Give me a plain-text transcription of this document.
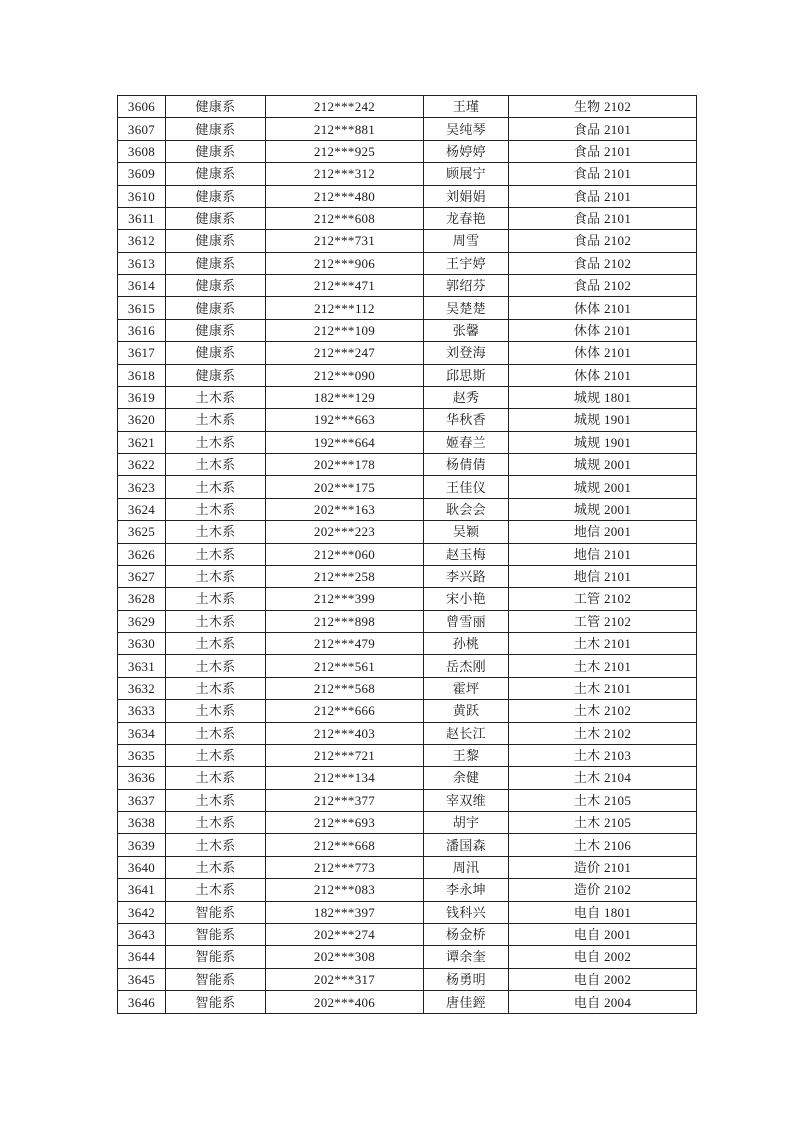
3606	健康系	212***242	王瑾	生物 2102
3607	健康系	212***881	吴纯琴	食品 2101
3608	健康系	212***925	杨婷婷	食品 2101
3609	健康系	212***312	顾展宁	食品 2101
3610	健康系	212***480	刘娟娟	食品 2101
3611	健康系	212***608	龙春艳	食品 2101
3612	健康系	212***731	周雪	食品 2102
3613	健康系	212***906	王宇婷	食品 2102
3614	健康系	212***471	郭绍芬	食品 2102
3615	健康系	212***112	吴楚楚	休体 2101
3616	健康系	212***109	张馨	休体 2101
3617	健康系	212***247	刘登海	休体 2101
3618	健康系	212***090	邱思斯	休体 2101
3619	土木系	182***129	赵秀	城规 1801
3620	土木系	192***663	华秋香	城规 1901
3621	土木系	192***664	姬春兰	城规 1901
3622	土木系	202***178	杨倩倩	城规 2001
3623	土木系	202***175	王佳仪	城规 2001
3624	土木系	202***163	耿会会	城规 2001
3625	土木系	202***223	吴颖	地信 2001
3626	土木系	212***060	赵玉梅	地信 2101
3627	土木系	212***258	李兴路	地信 2101
3628	土木系	212***399	宋小艳	工管 2102
3629	土木系	212***898	曾雪丽	工管 2102
3630	土木系	212***479	孙桃	土木 2101
3631	土木系	212***561	岳杰刚	土木 2101
3632	土木系	212***568	霍坪	土木 2101
3633	土木系	212***666	黄跃	土木 2102
3634	土木系	212***403	赵长江	土木 2102
3635	土木系	212***721	王黎	土木 2103
3636	土木系	212***134	余健	土木 2104
3637	土木系	212***377	宰双维	土木 2105
3638	土木系	212***693	胡宇	土木 2105
3639	土木系	212***668	潘国森	土木 2106
3640	土木系	212***773	周汛	造价 2101
3641	土木系	212***083	李永坤	造价 2102
3642	智能系	182***397	钱科兴	电自 1801
3643	智能系	202***274	杨金桥	电自 2001
3644	智能系	202***308	谭余奎	电自 2002
3645	智能系	202***317	杨勇明	电自 2002
3646	智能系	202***406	唐佳鋞	电自 2004
